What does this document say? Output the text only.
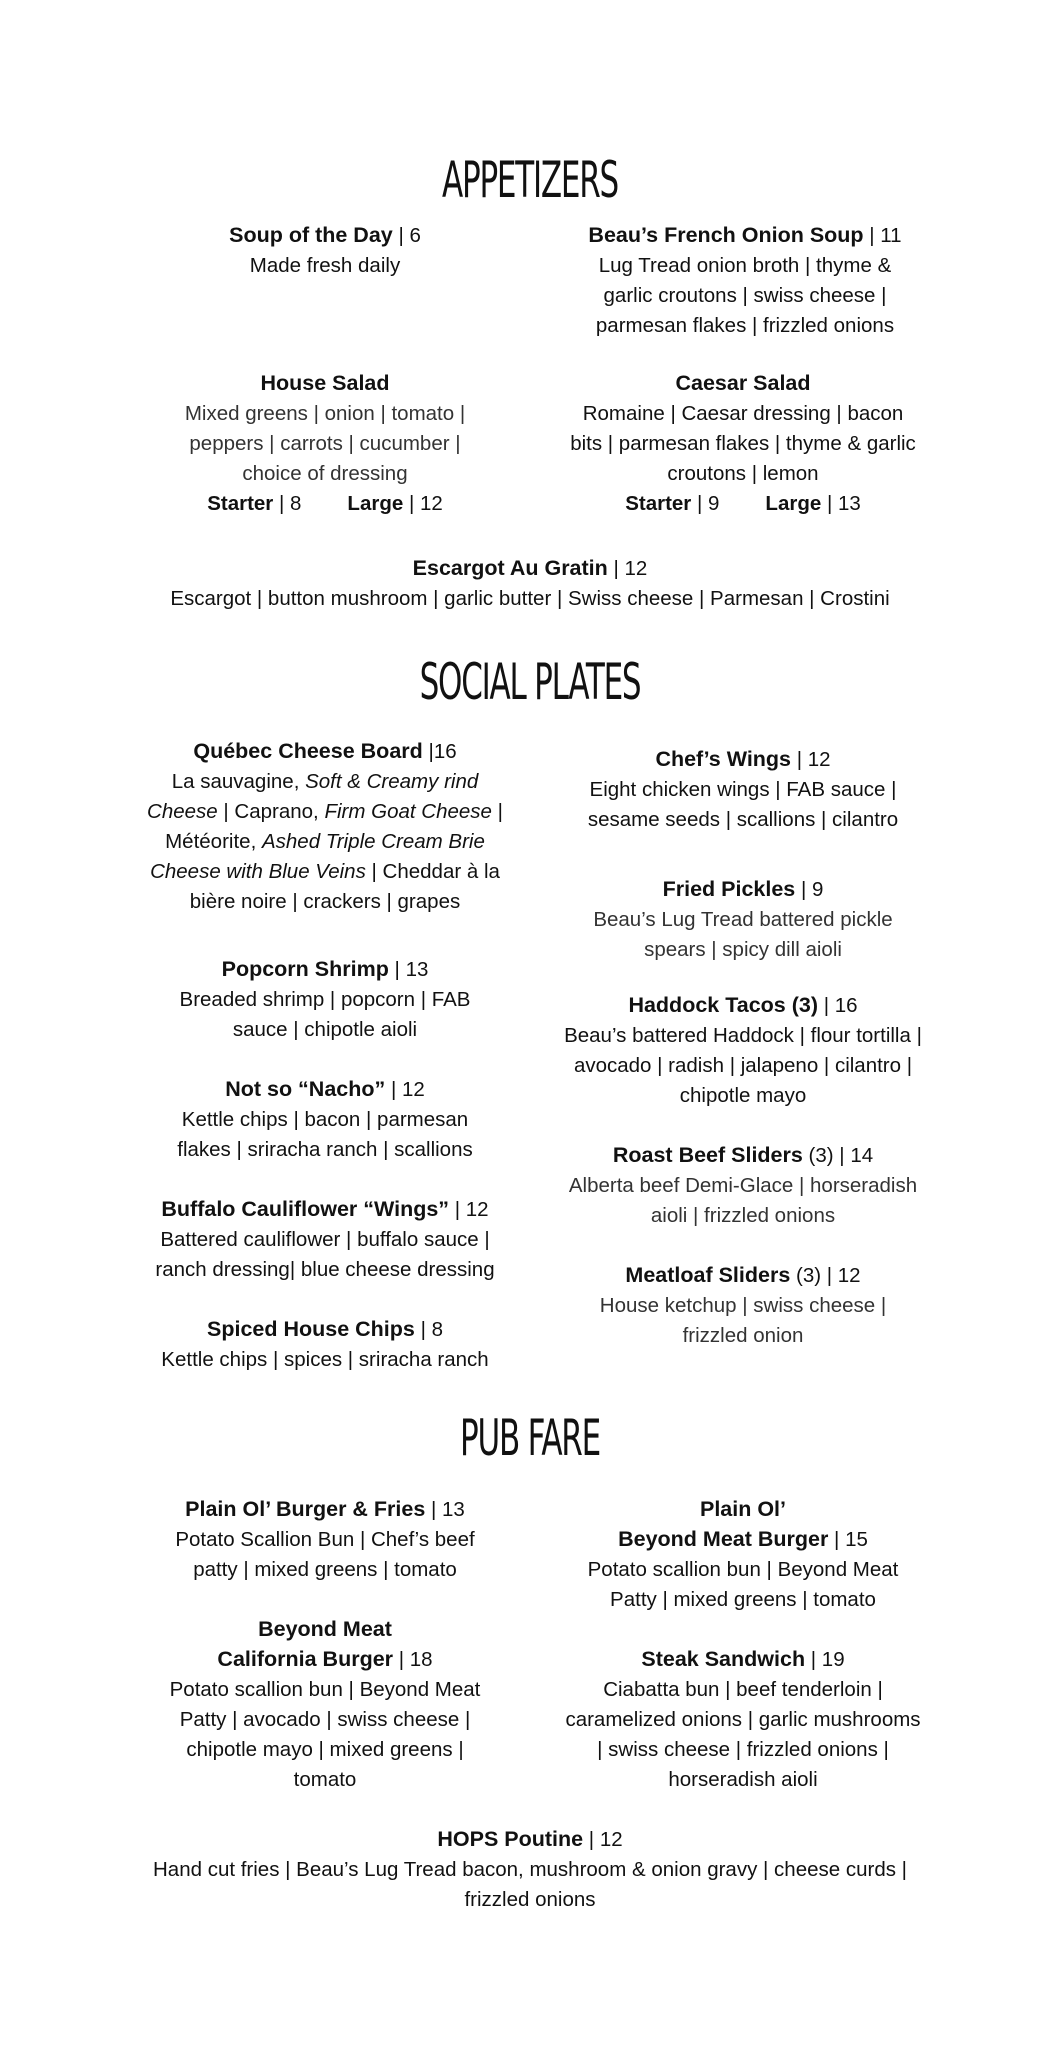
APPETIZERS
Soup of the Day | 6
Made fresh daily
Beau’s French Onion Soup | 11
Lug Tread onion broth | thyme & garlic croutons | swiss cheese | parmesan flakes | frizzled onions
House Salad
Mixed greens | onion | tomato | peppers | carrots | cucumber | choice of dressing
Starter | 8 Large | 12
Caesar Salad
Romaine | Caesar dressing | bacon bits | parmesan flakes | thyme & garlic croutons | lemon
Starter | 9 Large | 13
Escargot Au Gratin | 12
Escargot | button mushroom | garlic butter | Swiss cheese | Parmesan | Crostini
SOCIAL PLATES
Québec Cheese Board |16
La sauvagine, Soft & Creamy rind Cheese | Caprano, Firm Goat Cheese | Météorite, Ashed Triple Cream Brie Cheese with Blue Veins | Cheddar à la bière noire | crackers | grapes
Chef’s Wings | 12
Eight chicken wings | FAB sauce | sesame seeds | scallions | cilantro
Popcorn Shrimp | 13
Breaded shrimp | popcorn | FAB sauce | chipotle aioli
Fried Pickles | 9
Beau’s Lug Tread battered pickle spears | spicy dill aioli
Haddock Tacos (3) | 16
Beau’s battered Haddock | flour tortilla | avocado | radish | jalapeno | cilantro | chipotle mayo
Not so “Nacho” | 12
Kettle chips | bacon | parmesan flakes | sriracha ranch | scallions	Roast Beef Sliders (3) | 14
Alberta beef Demi-Glace | horseradish aioli | frizzled onions
Buffalo Cauliflower “Wings” | 12
Battered cauliflower | buffalo sauce | ranch dressing| blue cheese dressing	Meatloaf Sliders (3) | 12
House ketchup | swiss cheese | frizzled onion
Spiced House Chips | 8
Kettle chips | spices | sriracha ranch
PUB FARE
Plain Ol’ Burger & Fries | 13
Potato Scallion Bun | Chef’s beef patty | mixed greens | tomato
Plain Ol’
Beyond Meat Burger | 15
Potato scallion bun | Beyond Meat Patty | mixed greens | tomato
Beyond Meat
California Burger | 18
Potato scallion bun | Beyond Meat Patty | avocado | swiss cheese | chipotle mayo | mixed greens | tomato
Steak Sandwich | 19
Ciabatta bun | beef tenderloin | caramelized onions | garlic mushrooms | swiss cheese | frizzled onions | horseradish aioli
HOPS Poutine | 12
Hand cut fries | Beau’s Lug Tread bacon, mushroom & onion gravy | cheese curds | frizzled onions
